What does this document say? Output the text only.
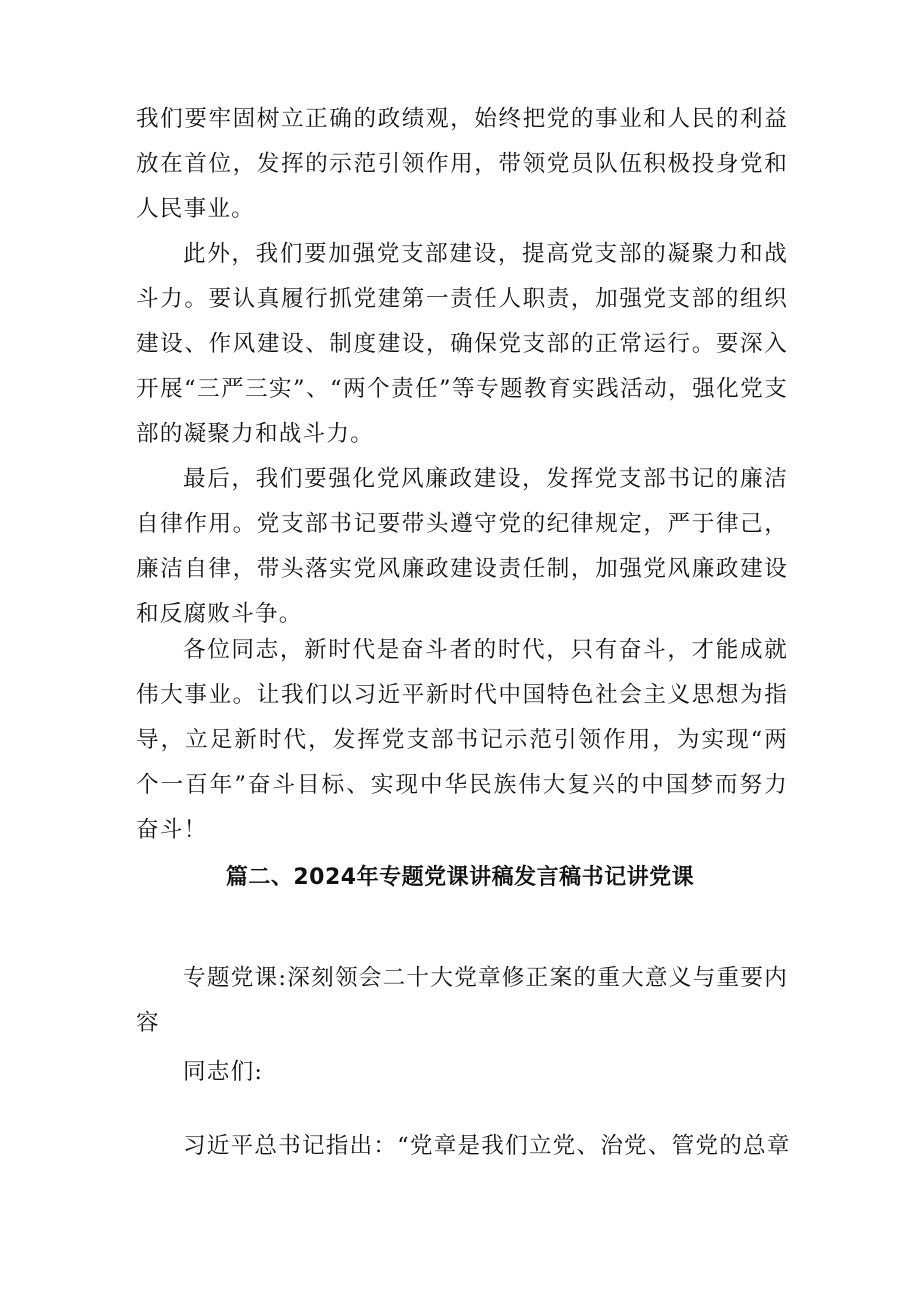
我们要牢固树立正确的政绩观，始终把党的事业和人民的利益放在首位，发挥的示范引领作用，带领党员队伍积极投身党和人民事业。

此外，我们要加强党支部建设，提高党支部的凝聚力和战斗力。要认真履行抓党建第一责任人职责，加强党支部的组织建设、作风建设、制度建设，确保党支部的正常运行。要深入开展“三严三实”、“两个责任”等专题教育实践活动，强化党支部的凝聚力和战斗力。

最后，我们要强化党风廉政建设，发挥党支部书记的廉洁自律作用。党支部书记要带头遵守党的纪律规定，严于律己，廉洁自律，带头落实党风廉政建设责任制，加强党风廉政建设和反腐败斗争。

各位同志，新时代是奋斗者的时代，只有奋斗，才能成就伟大事业。让我们以习近平新时代中国特色社会主义思想为指导，立足新时代，发挥党支部书记示范引领作用，为实现“两个一百年”奋斗目标、实现中华民族伟大复兴的中国梦而努力奋斗！

篇二、2024年专题党课讲稿发言稿书记讲党课

专题党课:深刻领会二十大党章修正案的重大意义与重要内容

同志们:

习近平总书记指出：“党章是我们立党、治党、管党的总章
